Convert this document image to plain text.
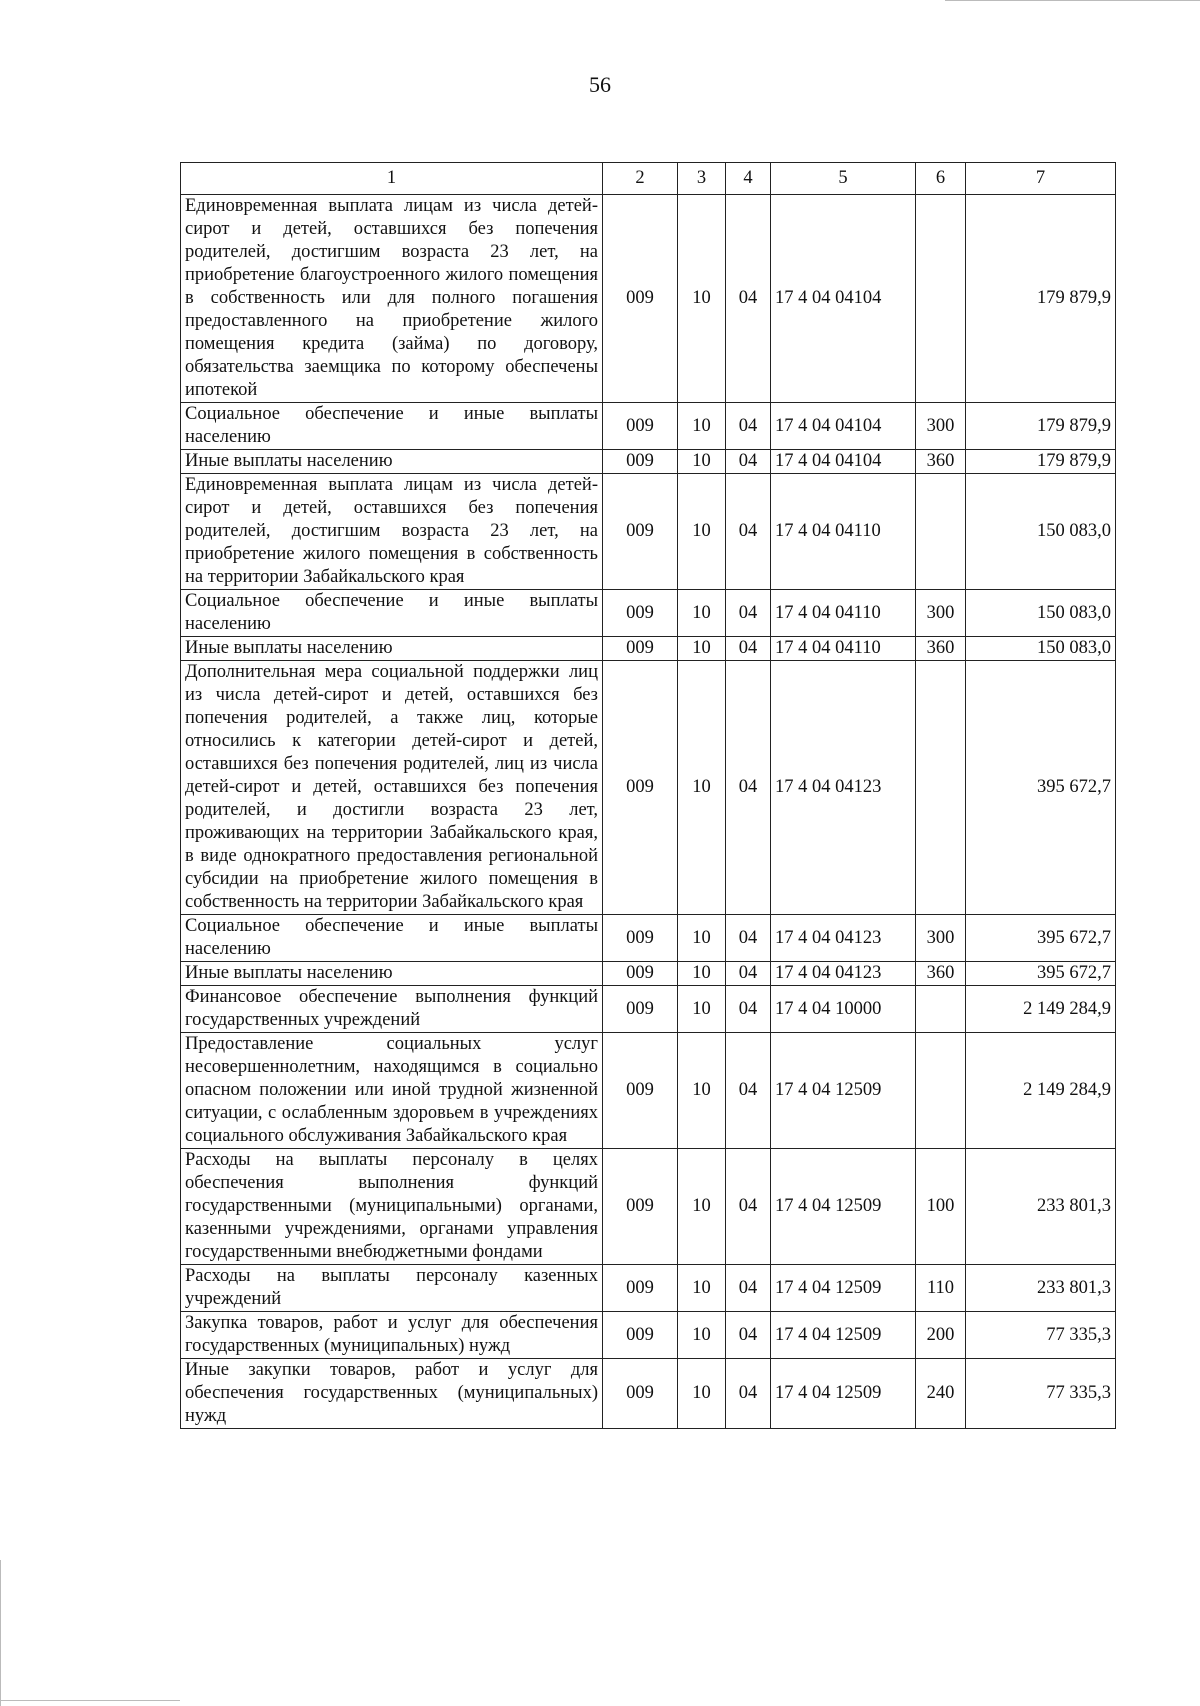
56
1	2	3	4	5	6	7
Единовременная выплата лицам из числа детей-сирот и детей, оставшихся без попечения родителей, достигшим возраста 23 лет, на приобретение благоустроенного жилого помещения в собственность или для полного погашения предоставленного на приобретение жилого помещения кредита (займа) по договору, обязательства заемщика по которому обеспечены ипотекой	009	10	04	17 4 04 04104		179 879,9
Социальное обеспечение и иные выплаты населению	009	10	04	17 4 04 04104	300	179 879,9
Иные выплаты населению	009	10	04	17 4 04 04104	360	179 879,9
Единовременная выплата лицам из числа детей-сирот и детей, оставшихся без попечения родителей, достигшим возраста 23 лет, на приобретение жилого помещения в собственность на территории Забайкальского края	009	10	04	17 4 04 04110		150 083,0
Социальное обеспечение и иные выплаты населению	009	10	04	17 4 04 04110	300	150 083,0
Иные выплаты населению	009	10	04	17 4 04 04110	360	150 083,0
Дополнительная мера социальной поддержки лиц из числа детей-сирот и детей, оставшихся без попечения родителей, а также лиц, которые относились к категории детей-сирот и детей, оставшихся без попечения родителей, лиц из числа детей-сирот и детей, оставшихся без попечения родителей, и достигли возраста 23 лет, проживающих на территории Забайкальского края, в виде однократного предоставления региональной субсидии на приобретение жилого помещения в собственность на территории Забайкальского края	009	10	04	17 4 04 04123		395 672,7
Социальное обеспечение и иные выплаты населению	009	10	04	17 4 04 04123	300	395 672,7
Иные выплаты населению	009	10	04	17 4 04 04123	360	395 672,7
Финансовое обеспечение выполнения функций государственных учреждений	009	10	04	17 4 04 10000		2 149 284,9
Предоставление социальных услуг несовершеннолетним, находящимся в социально опасном положении или иной трудной жизненной ситуации, с ослабленным здоровьем в учреждениях социального обслуживания Забайкальского края	009	10	04	17 4 04 12509		2 149 284,9
Расходы на выплаты персоналу в целях обеспечения выполнения функций государственными (муниципальными) органами, казенными учреждениями, органами управления государственными внебюджетными фондами	009	10	04	17 4 04 12509	100	233 801,3
Расходы на выплаты персоналу казенных учреждений	009	10	04	17 4 04 12509	110	233 801,3
Закупка товаров, работ и услуг для обеспечения государственных (муниципальных) нужд	009	10	04	17 4 04 12509	200	77 335,3
Иные закупки товаров, работ и услуг для обеспечения государственных (муниципальных) нужд	009	10	04	17 4 04 12509	240	77 335,3
